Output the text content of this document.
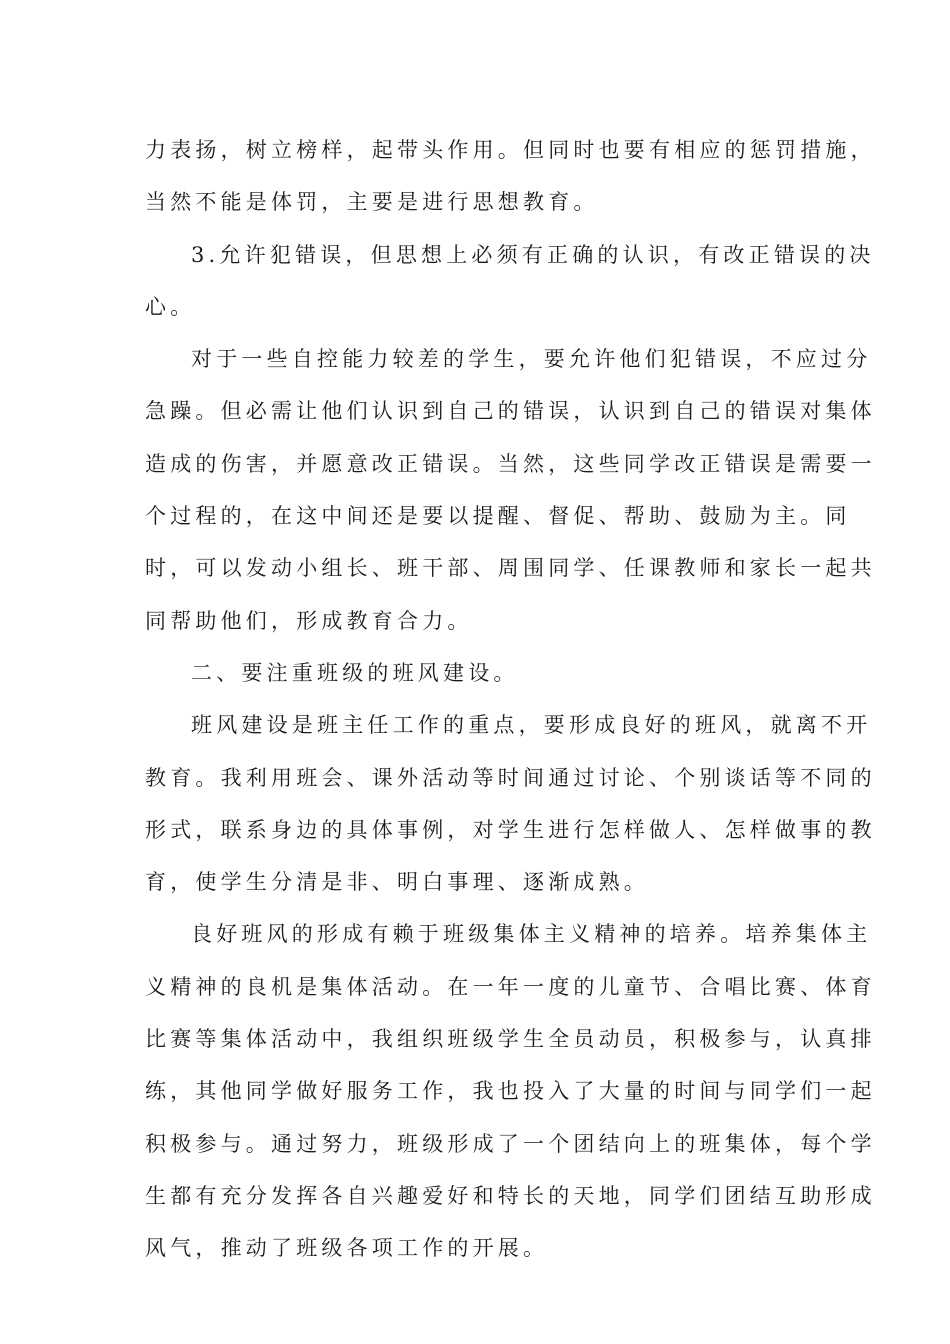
力表扬，树立榜样，起带头作用。但同时也要有相应的惩罚措施，
当然不能是体罚，主要是进行思想教育。
3.允许犯错误，但思想上必须有正确的认识，有改正错误的决
心。
对于一些自控能力较差的学生，要允许他们犯错误，不应过分
急躁。但必需让他们认识到自己的错误，认识到自己的错误对集体
造成的伤害，并愿意改正错误。当然，这些同学改正错误是需要一
个过程的，在这中间还是要以提醒、督促、帮助、鼓励为主。同
时，可以发动小组长、班干部、周围同学、任课教师和家长一起共
同帮助他们，形成教育合力。
二、要注重班级的班风建设。
班风建设是班主任工作的重点，要形成良好的班风，就离不开
教育。我利用班会、课外活动等时间通过讨论、个别谈话等不同的
形式，联系身边的具体事例，对学生进行怎样做人、怎样做事的教
育，使学生分清是非、明白事理、逐渐成熟。
良好班风的形成有赖于班级集体主义精神的培养。培养集体主
义精神的良机是集体活动。在一年一度的儿童节、合唱比赛、体育
比赛等集体活动中，我组织班级学生全员动员，积极参与，认真排
练，其他同学做好服务工作，我也投入了大量的时间与同学们一起
积极参与。通过努力，班级形成了一个团结向上的班集体，每个学
生都有充分发挥各自兴趣爱好和特长的天地，同学们团结互助形成
风气，推动了班级各项工作的开展。
